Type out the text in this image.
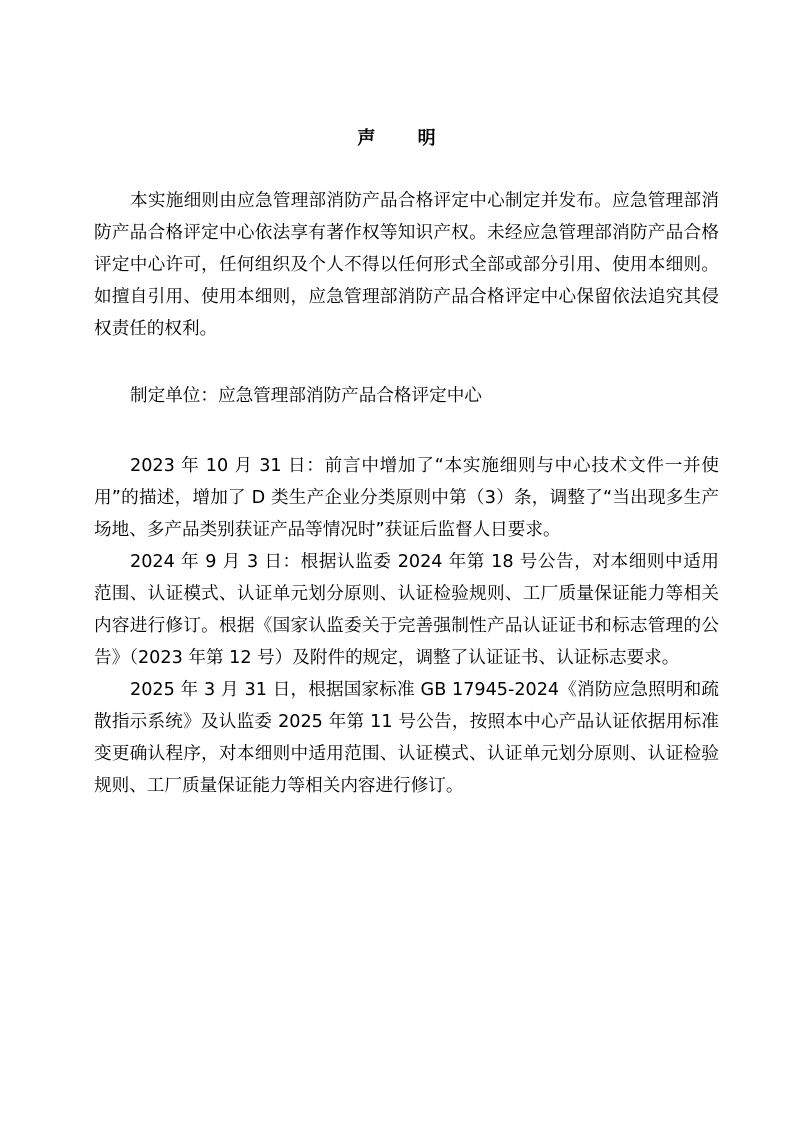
声 明

本实施细则由应急管理部消防产品合格评定中心制定并发布。应急管理部消防产品合格评定中心依法享有著作权等知识产权。未经应急管理部消防产品合格评定中心许可，任何组织及个人不得以任何形式全部或部分引用、使用本细则。如擅自引用、使用本细则，应急管理部消防产品合格评定中心保留依法追究其侵权责任的权利。

制定单位：应急管理部消防产品合格评定中心

2023 年 10 月 31 日：前言中增加了“本实施细则与中心技术文件一并使用”的描述，增加了 D 类生产企业分类原则中第（3）条，调整了“当出现多生产场地、多产品类别获证产品等情况时”获证后监督人日要求。

2024 年 9 月 3 日：根据认监委 2024 年第 18 号公告，对本细则中适用范围、认证模式、认证单元划分原则、认证检验规则、工厂质量保证能力等相关内容进行修订。根据《国家认监委关于完善强制性产品认证证书和标志管理的公告》（2023 年第 12 号）及附件的规定，调整了认证证书、认证标志要求。

2025 年 3 月 31 日，根据国家标准 GB 17945-2024《消防应急照明和疏散指示系统》及认监委 2025 年第 11 号公告，按照本中心产品认证依据用标准变更确认程序，对本细则中适用范围、认证模式、认证单元划分原则、认证检验规则、工厂质量保证能力等相关内容进行修订。
